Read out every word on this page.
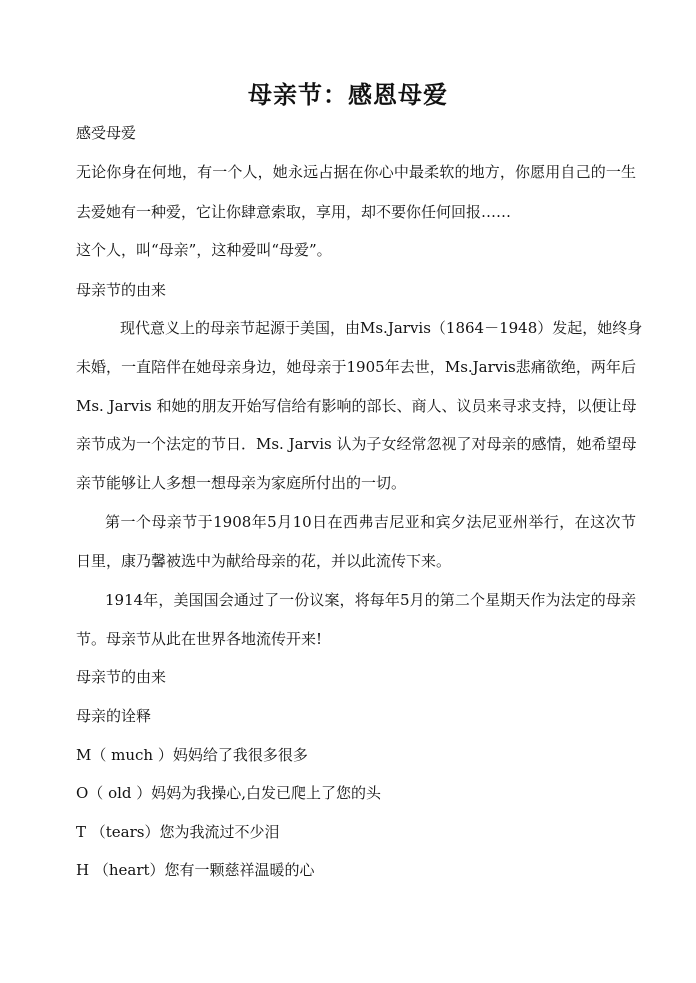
母亲节：感恩母爱
感受母爱
无论你身在何地，有一个人，她永远占据在你心中最柔软的地方，你愿用自己的一生
去爱她有一种爱，它让你肆意索取，享用，却不要你任何回报……
这个人，叫“母亲”，这种爱叫“母爱”。
母亲节的由来
现代意义上的母亲节起源于美国，由Ms.Jarvis（1864－1948）发起，她终身
未婚，一直陪伴在她母亲身边，她母亲于1905年去世，Ms.Jarvis悲痛欲绝，两年后
Ms. Jarvis 和她的朋友开始写信给有影响的部长、商人、议员来寻求支持，以便让母
亲节成为一个法定的节日．Ms. Jarvis 认为子女经常忽视了对母亲的感情，她希望母
亲节能够让人多想一想母亲为家庭所付出的一切。
第一个母亲节于1908年5月10日在西弗吉尼亚和宾夕法尼亚州举行，在这次节
日里，康乃馨被选中为献给母亲的花，并以此流传下来。
1914年，美国国会通过了一份议案，将每年5月的第二个星期天作为法定的母亲
节。母亲节从此在世界各地流传开来!
母亲节的由来
母亲的诠释
M（ much ）妈妈给了我很多很多
O（ old ）妈妈为我操心,白发已爬上了您的头
T （tears）您为我流过不少泪
H （heart）您有一颗慈祥温暖的心
